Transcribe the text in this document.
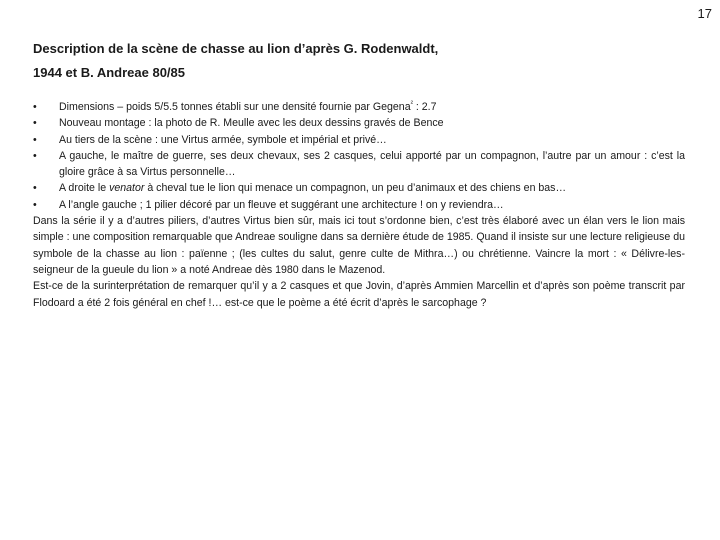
17
Description de la scène de chasse au lion d’après G. Rodenwaldt,
1944 et B. Andreae 80/85
• Dimensions – poids 5/5.5 tonnes établi sur une densité fournie par Gegena$^{^2}$ : 2.7
• Nouveau montage : la photo de R. Meulle avec les deux dessins gravés de Bence
• Au tiers de la scène : une Virtus armée, symbole et impérial et privé…
• A gauche, le maître de guerre, ses deux chevaux, ses 2 casques, celui apporté par un compagnon, l’autre par un amour : c’est la gloire grâce à sa Virtus personnelle…
• A droite le venator à cheval tue le lion qui menace un compagnon, un peu d’animaux et des chiens en bas…
• A l’angle gauche ; 1 pilier décoré par un fleuve et suggérant une architecture ! on y reviendra…

Dans la série il y a d’autres piliers, d’autres Virtus bien sûr, mais ici tout s’ordonne bien, c’est très élaboré avec un élan vers le lion mais simple : une composition remarquable que Andreae souligne dans sa dernière étude de 1985. Quand il insiste sur une lecture religieuse du symbole de la chasse au lion : païenne ; (les cultes du salut, genre culte de Mithra…) ou chrétienne. Vaincre la mort : « Délivre-les-seigneur de la gueule du lion » a noté Andreae dès 1980 dans le Mazenod.

Est-ce de la surinterprétation de remarquer qu’il y a 2 casques et que Jovin, d’après Ammien Marcellin et d’après son poème transcrit par Flodoard a été 2 fois général en chef !… est-ce que le poème a été écrit d’après le sarcophage ?
